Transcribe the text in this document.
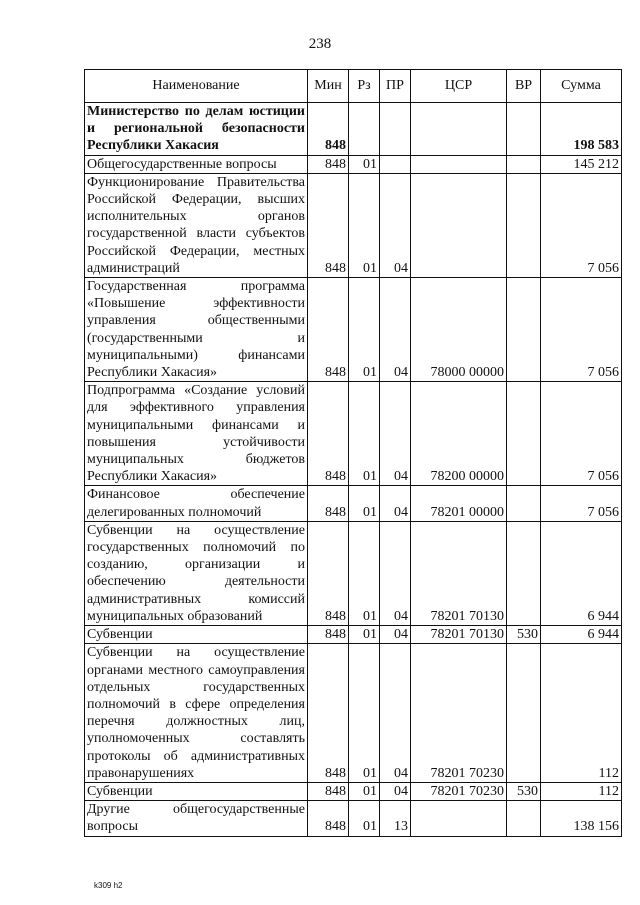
238
Наименование	Мин	Рз	ПР	ЦСР	ВР	Сумма
Министерство по делам юстиции и региональной безопасности Республики Хакасия	848					198 583
Общегосударственные вопросы	848	01				145 212
Функционирование Правительства Российской Федерации, высших исполнительных органов государственной власти субъектов Российской Федерации, местных администраций	848	01	04			7 056
Государственная программа «Повышение эффективности управления общественными (государственными и муниципальными) финансами Республики Хакасия»	848	01	04	78000 00000		7 056
Подпрограмма «Создание условий для эффективного управления муниципальными финансами и повышения устойчивости муниципальных бюджетов Республики Хакасия»	848	01	04	78200 00000		7 056
Финансовое обеспечение делегированных полномочий	848	01	04	78201 00000		7 056
Субвенции на осуществление государственных полномочий по созданию, организации и обеспечению деятельности административных комиссий муниципальных образований	848	01	04	78201 70130		6 944
Субвенции	848	01	04	78201 70130	530	6 944
Субвенции на осуществление органами местного самоуправления отдельных государственных полномочий в сфере определения перечня должностных лиц, уполномоченных составлять протоколы об административных правонарушениях	848	01	04	78201 70230		112
Субвенции	848	01	04	78201 70230	530	112
Другие общегосударственные вопросы	848	01	13			138 156
k309 h2
